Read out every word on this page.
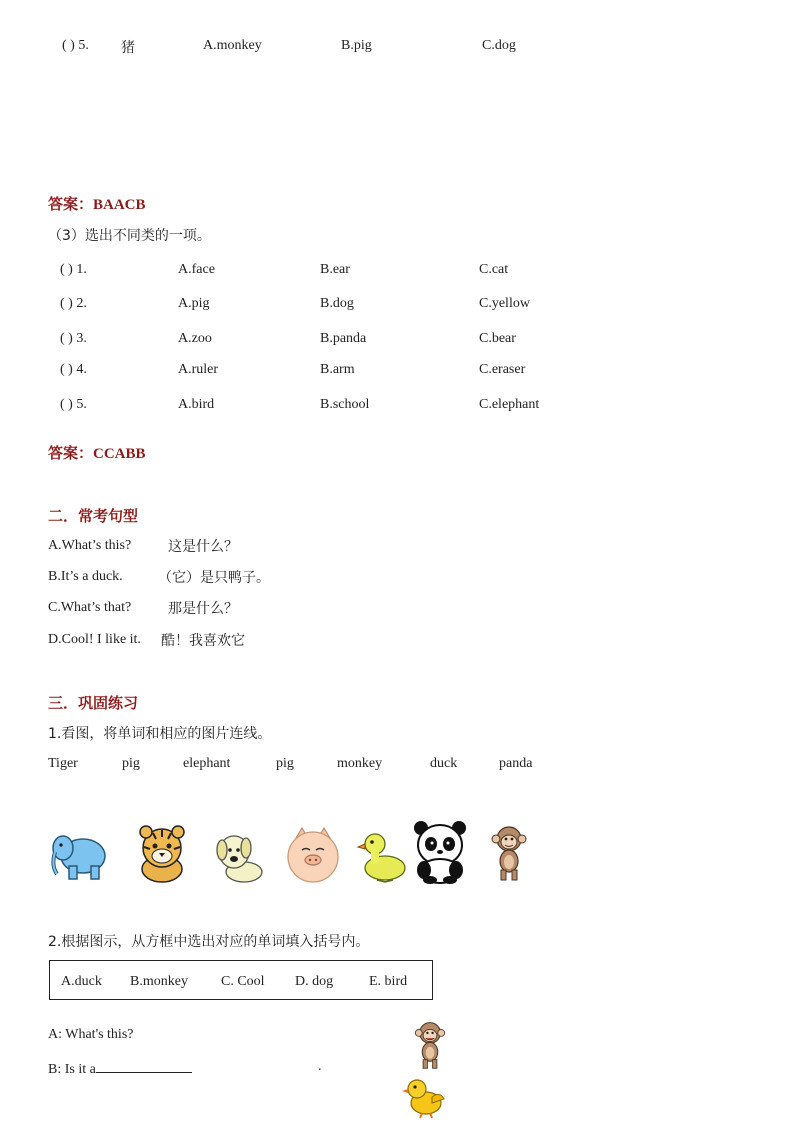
( ) 5. 猪	A.monkey	B.pig	C.dog
答案：BAACB
（3）选出不同类的一项。
( ) 1.	A.face	B.ear	C.cat
( ) 2.	A.pig	B.dog	C.yellow
( ) 3.	A.zoo	B.panda	C.bear
( ) 4.	A.ruler	B.arm	C.eraser
( ) 5.	A.bird	B.school	C.elephant
答案：CCABB
二．常考句型
A.What’s this?	这是什么？
B.It’s a duck.	（它）是只鸭子。
C.What’s that?	那是什么？
D.Cool! I like it. 酷！我喜欢它
三．巩固练习
1.看图，将单词和相应的图片连线。
Tiger	pig	elephant	pig	monkey	duck	panda
2.根据图示，从方框中选出对应的单词填入括号内。
A.duck B.monkey C. Cool D. dog	E. bird
A: What's this?
B: Is it a	.
